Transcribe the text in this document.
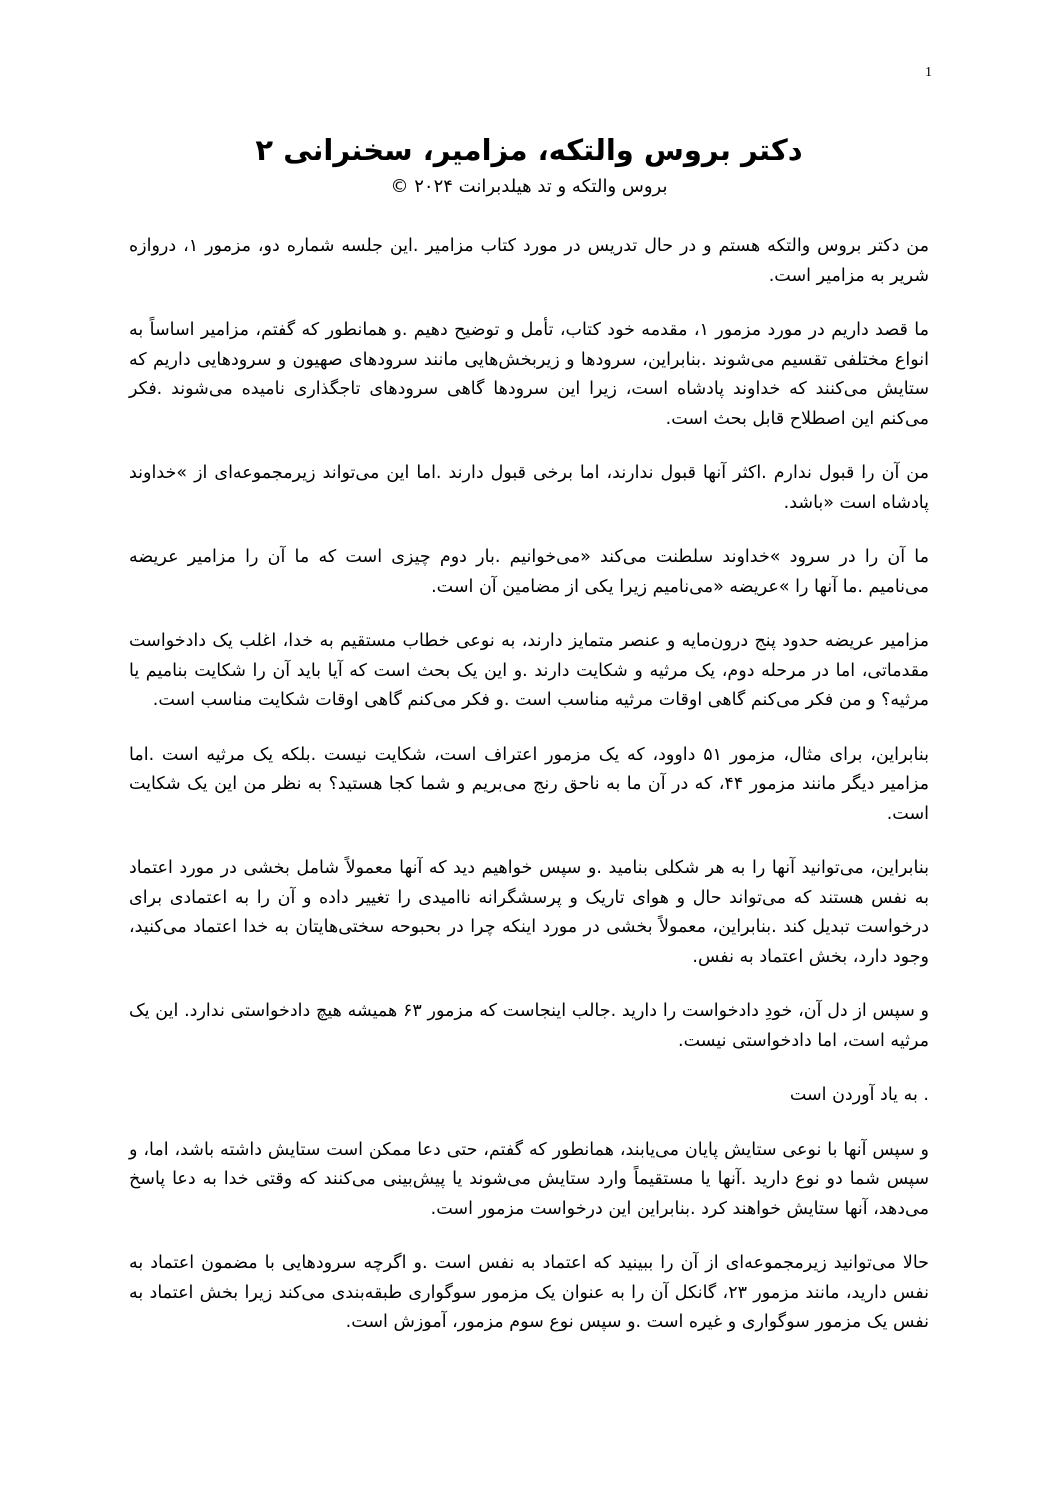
1
دکتر بروس والتکه، مزامیر، سخنرانی ۲

بروس والتکه و تد هیلدبرانت ۲۰۲۴ ©

من دکتر بروس والتکه هستم و در حال تدریس در مورد کتاب مزامیر .این جلسه شماره دو، مزمور ۱، دروازه شریر به مزامیر است.

ما قصد داریم در مورد مزمور ۱، مقدمه خود کتاب، تأمل و توضیح دهیم .و همانطور که گفتم، مزامیر اساساً به انواع مختلفی تقسیم می‌شوند .بنابراین، سرودها و زیربخش‌هایی مانند سرودهای صهیون و سرودهایی داریم که ستایش می‌کنند که خداوند پادشاه است، زیرا این سرودها گاهی سرودهای تاجگذاری نامیده می‌شوند .فکر می‌کنم این اصطلاح قابل بحث است.

من آن را قبول ندارم .اکثر آنها قبول ندارند، اما برخی قبول دارند .اما این می‌تواند زیرمجموعه‌ای از »خداوند پادشاه است «باشد.

ما آن را در سرود »خداوند سلطنت می‌کند «می‌خوانیم .بار دوم چیزی است که ما آن را مزامیر عریضه می‌نامیم .ما آنها را »عریضه «می‌نامیم زیرا یکی از مضامین آن است.

مزامیر عریضه حدود پنج درون‌مایه و عنصر متمایز دارند، به نوعی خطاب مستقیم به خدا، اغلب یک دادخواست مقدماتی، اما در مرحله دوم، یک مرثیه و شکایت دارند .و این یک بحث است که آیا باید آن را شکایت بنامیم یا مرثیه؟ و من فکر می‌کنم گاهی اوقات مرثیه مناسب است .و فکر می‌کنم گاهی اوقات شکایت مناسب است.

بنابراین، برای مثال، مزمور ۵۱ داوود، که یک مزمور اعتراف است، شکایت نیست .بلکه یک مرثیه است .اما مزامیر دیگر مانند مزمور ۴۴، که در آن ما به ناحق رنج می‌بریم و شما کجا هستید؟ به نظر من این یک شکایت است.

بنابراین، می‌توانید آنها را به هر شکلی بنامید .و سپس خواهیم دید که آنها معمولاً شامل بخشی در مورد اعتماد به نفس هستند که می‌تواند حال و هوای تاریک و پرسشگرانه ناامیدی را تغییر داده و آن را به اعتمادی برای درخواست تبدیل کند .بنابراین، معمولاً بخشی در مورد اینکه چرا در بحبوحه سختی‌هایتان به خدا اعتماد می‌کنید، وجود دارد، بخش اعتماد به نفس.

و سپس از دل آن، خودِ دادخواست را دارید .جالب اینجاست که مزمور ۶۳ همیشه هیچ دادخواستی ندارد. این یک مرثیه است، اما دادخواستی نیست.

. به یاد آوردن است

و سپس آنها با نوعی ستایش پایان می‌یابند، همانطور که گفتم، حتی دعا ممکن است ستایش داشته باشد، اما، و سپس شما دو نوع دارید .آنها یا مستقیماً وارد ستایش می‌شوند یا پیش‌بینی می‌کنند که وقتی خدا به دعا پاسخ می‌دهد، آنها ستایش خواهند کرد .بنابراین این درخواست مزمور است.

حالا می‌توانید زیرمجموعه‌ای از آن را ببینید که اعتماد به نفس است .و اگرچه سرودهایی با مضمون اعتماد به نفس دارید، مانند مزمور ۲۳، گانکل آن را به عنوان یک مزمور سوگواری طبقه‌بندی می‌کند زیرا بخش اعتماد به نفس یک مزمور سوگواری و غیره است .و سپس نوع سوم مزمور، آموزش است.
